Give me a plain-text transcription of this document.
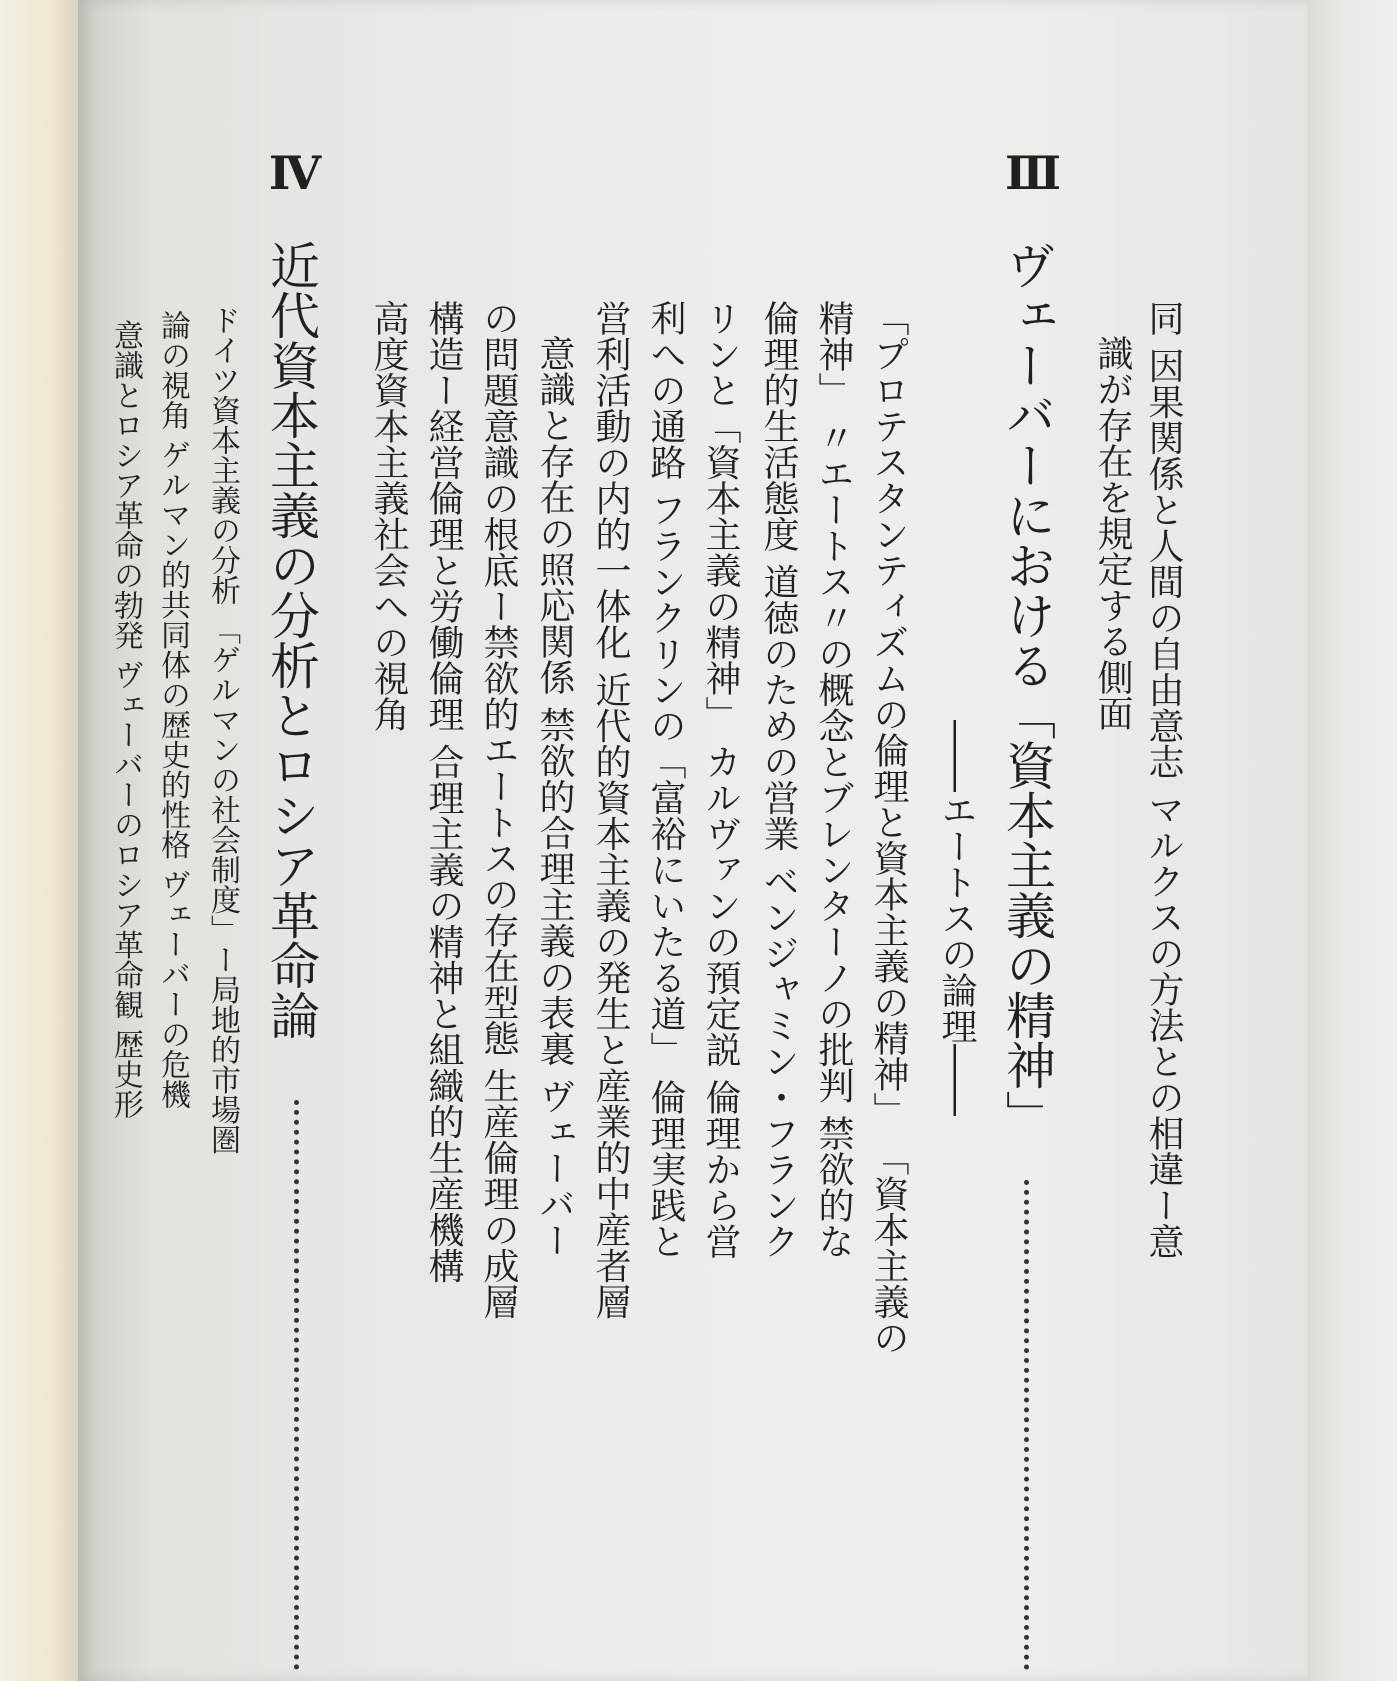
同 因果関係と人間の自由意志 マルクスの方法との相違ー意
識が存在を規定する側面
Ⅲ
ヴェーバーにおける「資本主義の精神」
――エートスの論理――
「プロテスタンティズムの倫理と資本主義の精神」 「資本主義の
精神」 〃エートス〃の概念とブレンターノの批判 禁欲的な
倫理的生活態度 道徳のための営業 ベンジャミン・フランク
リンと「資本主義の精神」 カルヴァンの預定説 倫理から営
利への通路 フランクリンの「富裕にいたる道」 倫理実践と
営利活動の内的一体化 近代的資本主義の発生と産業的中産者層
意識と存在の照応関係 禁欲的合理主義の表裏 ヴェーバー
の問題意識の根底ー禁欲的エートスの存在型態 生産倫理の成層
構造ー経営倫理と労働倫理 合理主義の精神と組織的生産機構
高度資本主義社会への視角
Ⅳ
近代資本主義の分析とロシア革命論
ドイツ資本主義の分析 「ゲルマンの社会制度」ー局地的市場圏
論の視角 ゲルマン的共同体の歴史的性格 ヴェーバーの危機
意識とロシア革命の勃発 ヴェーバーのロシア革命観 歴史形
